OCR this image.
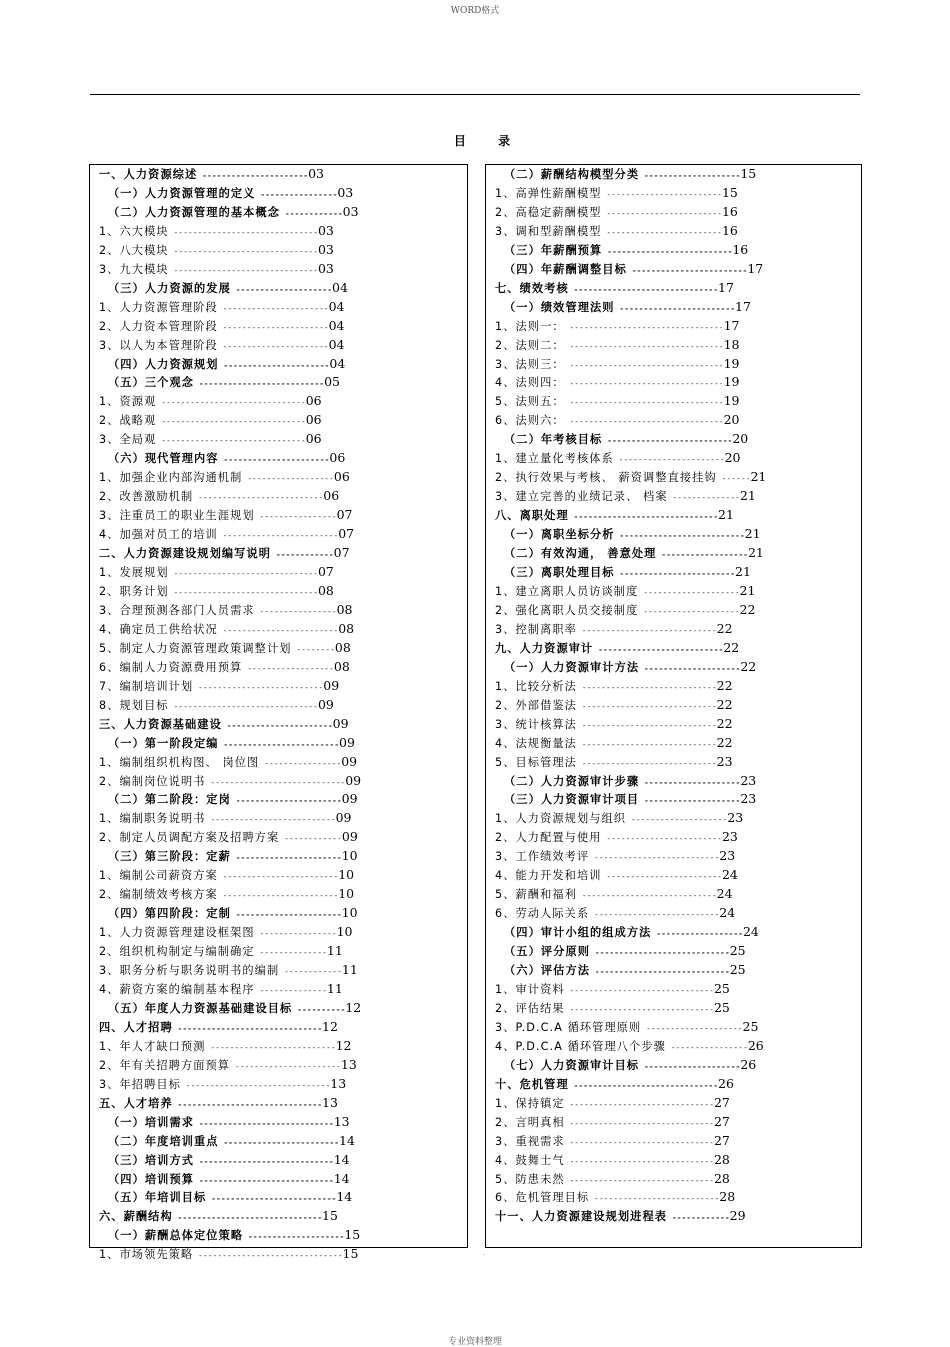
WORD格式
.
目 录
一、人力资源综述 ----------------------03
（一）人力资源管理的定义 ----------------03
（二）人力资源管理的基本概念 ------------03
1、六大模块 ------------------------------03
2、八大模块 ------------------------------03
3、九大模块 ------------------------------03
（三）人力资源的发展 --------------------04
1、人力资源管理阶段 ----------------------04
2、人力资本管理阶段 ----------------------04
3、以人为本管理阶段 ----------------------04
（四）人力资源规划 ----------------------04
（五）三个观念 --------------------------05
1、资源观 ------------------------------06
2、战略观 ------------------------------06
3、全局观 ------------------------------06
（六）现代管理内容 ----------------------06
1、加强企业内部沟通机制 ------------------06
2、改善激励机制 --------------------------06
3、注重员工的职业生涯规划 ----------------07
4、加强对员工的培训 ------------------------07
二、人力资源建设规划编写说明 ------------07
1、发展规划 ------------------------------07
2、职务计划 ------------------------------08
3、合理预测各部门人员需求 ----------------08
4、确定员工供给状况 ------------------------08
5、制定人力资源管理政策调整计划 --------08
6、编制人力资源费用预算 ------------------08
7、编制培训计划 --------------------------09
8、规划目标 ------------------------------09
三、人力资源基础建设 ----------------------09
（一）第一阶段定编 ------------------------09
1、编制组织机构图、 岗位图 ----------------09
2、编制岗位说明书 ----------------------------09
（二）第二阶段：定岗 ----------------------09
1、编制职务说明书 --------------------------09
2、制定人员调配方案及招聘方案 ------------09
（三）第三阶段：定薪 ----------------------10
1、编制公司薪资方案 ------------------------10
2、编制绩效考核方案 ------------------------10
（四）第四阶段：定制 ----------------------10
1、人力资源管理建设框架图 ----------------10
2、组织机构制定与编制确定 --------------11
3、职务分析与职务说明书的编制 ------------11
4、薪资方案的编制基本程序 --------------11
（五）年度人力资源基础建设目标 ----------12
四、人才招聘 ------------------------------12
1、年人才缺口预测 --------------------------12
2、年有关招聘方面预算 ----------------------13
3、年招聘目标 ------------------------------13
五、人才培养 ------------------------------13
（一）培训需求 ----------------------------13
（二）年度培训重点 ------------------------14
（三）培训方式 ----------------------------14
（四）培训预算 ----------------------------14
（五）年培训目标 --------------------------14
六、薪酬结构 ------------------------------15
（一）薪酬总体定位策略 --------------------15
1、市场领先策略 ------------------------------15
（二）薪酬结构模型分类 --------------------15
1、高弹性薪酬模型 ------------------------15
2、高稳定薪酬模型 ------------------------16
3、调和型薪酬模型 ------------------------16
（三）年薪酬预算 --------------------------16
（四）年薪酬调整目标 ------------------------17
七、绩效考核 ------------------------------17
（一）绩效管理法则 ------------------------17
1、法则一： --------------------------------17
2、法则二： --------------------------------18
3、法则三： --------------------------------19
4、法则四： --------------------------------19
5、法则五： --------------------------------19
6、法则六： --------------------------------20
（二）年考核目标 --------------------------20
1、建立量化考核体系 ----------------------20
2、执行效果与考核、 薪资调整直接挂钩 ------21
3、建立完善的业绩记录、 档案 --------------21
八、离职处理 ------------------------------21
（一）离职坐标分析 --------------------------21
（二）有效沟通， 善意处理 ------------------21
（三）离职处理目标 ------------------------21
1、建立离职人员访谈制度 --------------------21
2、强化离职人员交接制度 --------------------22
3、控制离职率 ----------------------------22
九、人力资源审计 --------------------------22
（一）人力资源审计方法 --------------------22
1、比较分析法 ----------------------------22
2、外部借鉴法 ----------------------------22
3、统计核算法 ----------------------------22
4、法规衡量法 ----------------------------22
5、目标管理法 ----------------------------23
（二）人力资源审计步骤 --------------------23
（三）人力资源审计项目 --------------------23
1、人力资源规划与组织 --------------------23
2、人力配置与使用 ------------------------23
3、工作绩效考评 --------------------------23
4、能力开发和培训 ------------------------24
5、薪酬和福利 ----------------------------24
6、劳动人际关系 --------------------------24
（四）审计小组的组成方法 ------------------24
（五）评分原则 ----------------------------25
（六）评估方法 ----------------------------25
1、审计资料 ------------------------------25
2、评估结果 ------------------------------25
3、P.D.C.A 循环管理原则 --------------------25
4、P.D.C.A 循环管理八个步骤 ----------------26
（七）人力资源审计目标 --------------------26
十、危机管理 ------------------------------26
1、保持镇定 ------------------------------27
2、言明真相 ------------------------------27
3、重视需求 ------------------------------27
4、鼓舞士气 ------------------------------28
5、防患未然 ------------------------------28
6、危机管理目标 --------------------------28
十一、人力资源建设规划进程表 ------------29
.
专业资料整理
